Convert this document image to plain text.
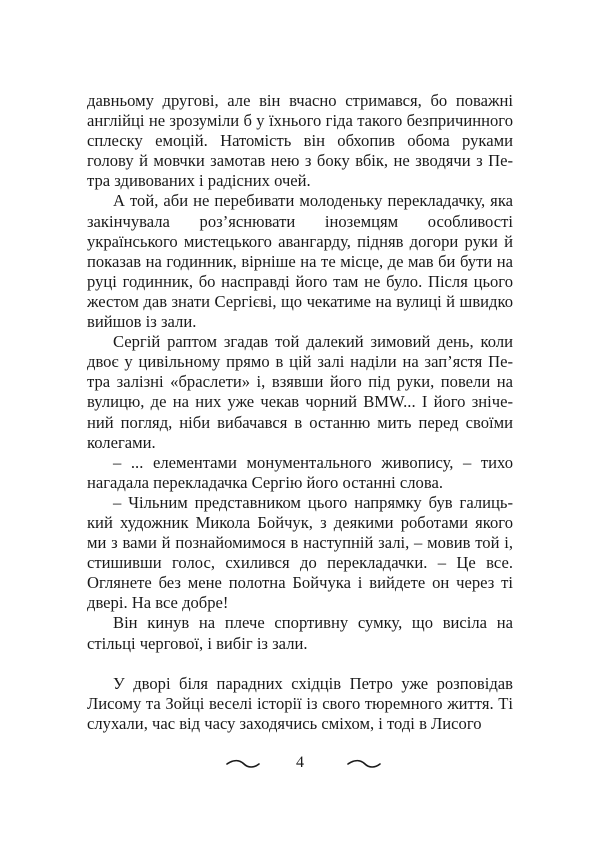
давньому другові, але він вчасно стримався, бо поважні англійці не зрозуміли б у їхнього гіда такого безпричинного сплеску емоцій. Натомість він обхопив обома руками голову й мовчки замотав нею з боку вбік, не зводячи з Петра здивованих і радісних очей.

А той, аби не перебивати молоденьку перекладачку, яка закінчувала роз’яснювати іноземцям особливості українського мистецького авангарду, підняв догори руки й показав на годинник, вірніше на те місце, де мав би бути на руці годинник, бо насправді його там не було. Після цього жестом дав знати Сергієві, що чекатиме на вулиці й швидко вийшов із зали.

Сергій раптом згадав той далекий зимовий день, коли двоє у цивільному прямо в цій залі наділи на зап’ястя Петра залізні «браслети» і, взявши його під руки, повели на вулицю, де на них уже чекав чорний BMW... І його знічений погляд, ніби вибачався в останню мить перед своїми колегами.

– ... елементами монументального живопису, – тихо нагадала перекладачка Сергію його останні слова.

– Чільним представником цього напрямку був галицький художник Микола Бойчук, з деякими роботами якого ми з вами й познайомимося в наступній залі, – мовив той і, стишивши голос, схилився до перекладачки. – Це все. Оглянете без мене полотна Бойчука і вийдете он через ті двері. На все добре!

Він кинув на плече спортивну сумку, що висіла на стільці чергової, і вибіг із зали.

У дворі біля парадних східців Петро уже розповідав Лисому та Зойці веселі історії із свого тюремного життя. Ті слухали, час від часу заходячись сміхом, і тоді в Лисого

4
